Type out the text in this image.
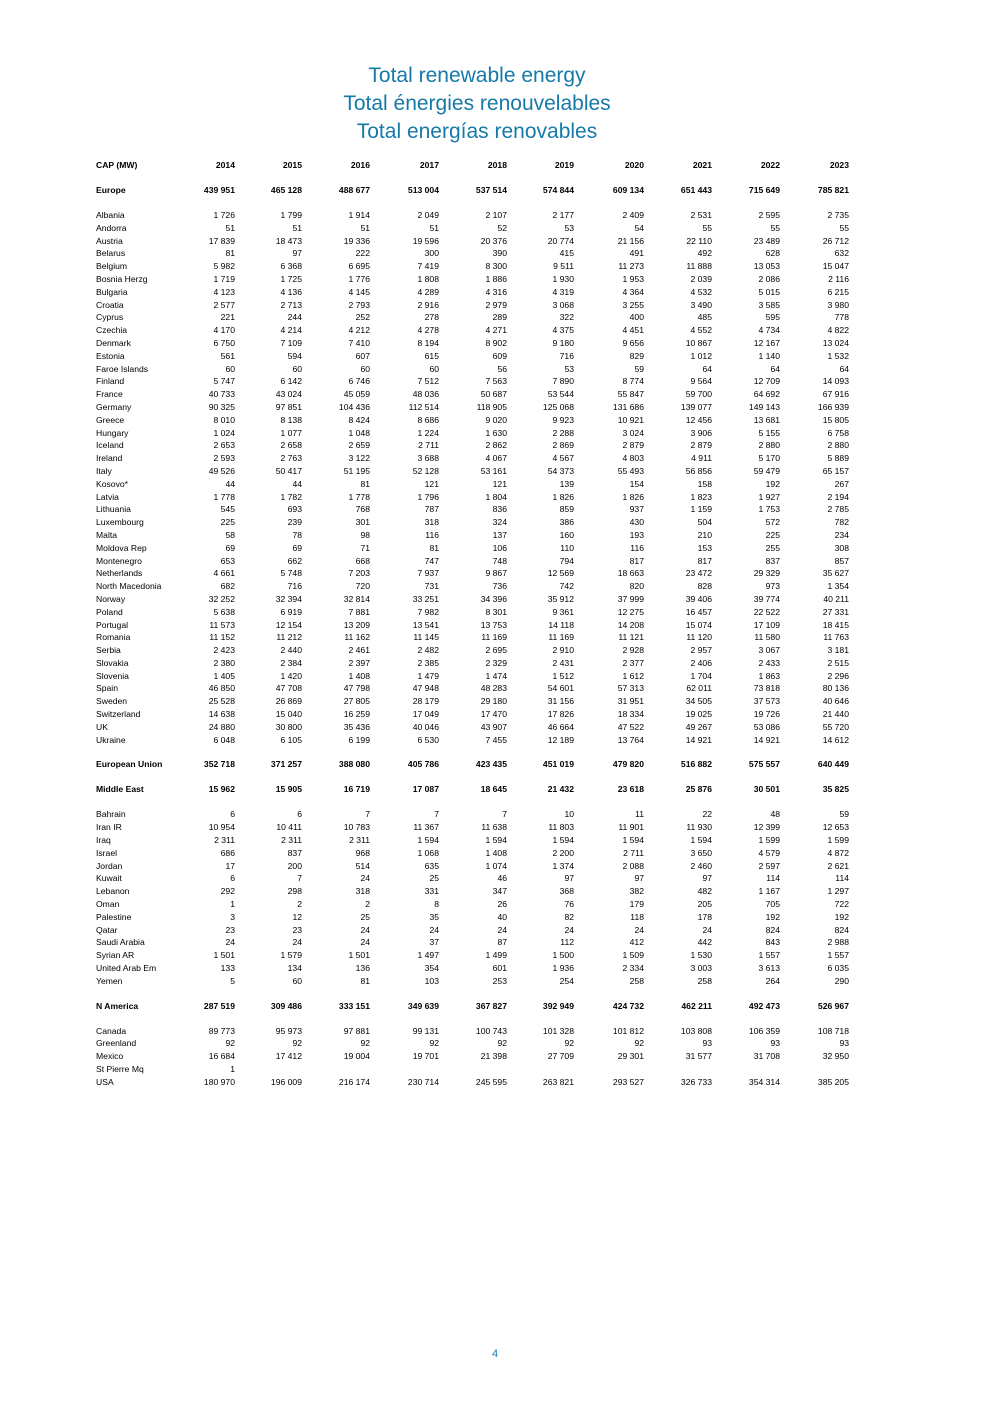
Total renewable energy
Total énergies renouvelables
Total energías renovables
CAP (MW)	2014	2015	2016	2017	2018	2019	2020	2021	2022	2023

Europe	439 951	465 128	488 677	513 004	537 514	574 844	609 134	651 443	715 649	785 821

Albania	1 726	1 799	1 914	2 049	2 107	2 177	2 409	2 531	2 595	2 735
Andorra	51	51	51	51	52	53	54	55	55	55
Austria	17 839	18 473	19 336	19 596	20 376	20 774	21 156	22 110	23 489	26 712
Belarus	81	97	222	300	390	415	491	492	628	632
Belgium	5 982	6 368	6 695	7 419	8 300	9 511	11 273	11 888	13 053	15 047
Bosnia Herzg	1 719	1 725	1 776	1 808	1 886	1 930	1 953	2 039	2 086	2 116
Bulgaria	4 123	4 136	4 145	4 289	4 316	4 319	4 364	4 532	5 015	6 215
Croatia	2 577	2 713	2 793	2 916	2 979	3 068	3 255	3 490	3 585	3 980
Cyprus	221	244	252	278	289	322	400	485	595	778
Czechia	4 170	4 214	4 212	4 278	4 271	4 375	4 451	4 552	4 734	4 822
Denmark	6 750	7 109	7 410	8 194	8 902	9 180	9 656	10 867	12 167	13 024
Estonia	561	594	607	615	609	716	829	1 012	1 140	1 532
Faroe Islands	60	60	60	60	56	53	59	64	64	64
Finland	5 747	6 142	6 746	7 512	7 563	7 890	8 774	9 564	12 709	14 093
France	40 733	43 024	45 059	48 036	50 687	53 544	55 847	59 700	64 692	67 916
Germany	90 325	97 851	104 436	112 514	118 905	125 068	131 686	139 077	149 143	166 939
Greece	8 010	8 138	8 424	8 686	9 020	9 923	10 921	12 456	13 681	15 805
Hungary	1 024	1 077	1 048	1 224	1 630	2 288	3 024	3 906	5 155	6 758
Iceland	2 653	2 658	2 659	2 711	2 862	2 869	2 879	2 879	2 880	2 880
Ireland	2 593	2 763	3 122	3 688	4 067	4 567	4 803	4 911	5 170	5 889
Italy	49 526	50 417	51 195	52 128	53 161	54 373	55 493	56 856	59 479	65 157
Kosovo*	44	44	81	121	121	139	154	158	192	267
Latvia	1 778	1 782	1 778	1 796	1 804	1 826	1 826	1 823	1 927	2 194
Lithuania	545	693	768	787	836	859	937	1 159	1 753	2 785
Luxembourg	225	239	301	318	324	386	430	504	572	782
Malta	58	78	98	116	137	160	193	210	225	234
Moldova Rep	69	69	71	81	106	110	116	153	255	308
Montenegro	653	662	668	747	748	794	817	817	837	857
Netherlands	4 661	5 748	7 203	7 937	9 867	12 569	18 663	23 472	29 329	35 627
North Macedonia	682	716	720	731	736	742	820	828	973	1 354
Norway	32 252	32 394	32 814	33 251	34 396	35 912	37 999	39 406	39 774	40 211
Poland	5 638	6 919	7 881	7 982	8 301	9 361	12 275	16 457	22 522	27 331
Portugal	11 573	12 154	13 209	13 541	13 753	14 118	14 208	15 074	17 109	18 415
Romania	11 152	11 212	11 162	11 145	11 169	11 169	11 121	11 120	11 580	11 763
Serbia	2 423	2 440	2 461	2 482	2 695	2 910	2 928	2 957	3 067	3 181
Slovakia	2 380	2 384	2 397	2 385	2 329	2 431	2 377	2 406	2 433	2 515
Slovenia	1 405	1 420	1 408	1 479	1 474	1 512	1 612	1 704	1 863	2 296
Spain	46 850	47 708	47 798	47 948	48 283	54 601	57 313	62 011	73 818	80 136
Sweden	25 528	26 869	27 805	28 179	29 180	31 156	31 951	34 505	37 573	40 646
Switzerland	14 638	15 040	16 259	17 049	17 470	17 826	18 334	19 025	19 726	21 440
UK	24 880	30 800	35 436	40 046	43 907	46 664	47 522	49 267	53 086	55 720
Ukraine	6 048	6 105	6 199	6 530	7 455	12 189	13 764	14 921	14 921	14 612

European Union	352 718	371 257	388 080	405 786	423 435	451 019	479 820	516 882	575 557	640 449

Middle East	15 962	15 905	16 719	17 087	18 645	21 432	23 618	25 876	30 501	35 825

Bahrain	6	6	7	7	7	10	11	22	48	59
Iran IR	10 954	10 411	10 783	11 367	11 638	11 803	11 901	11 930	12 399	12 653
Iraq	2 311	2 311	2 311	1 594	1 594	1 594	1 594	1 594	1 599	1 599
Israel	686	837	968	1 068	1 408	2 200	2 711	3 650	4 579	4 872
Jordan	17	200	514	635	1 074	1 374	2 088	2 460	2 597	2 621
Kuwait	6	7	24	25	46	97	97	97	114	114
Lebanon	292	298	318	331	347	368	382	482	1 167	1 297
Oman	1	2	2	8	26	76	179	205	705	722
Palestine	3	12	25	35	40	82	118	178	192	192
Qatar	23	23	24	24	24	24	24	24	824	824
Saudi Arabia	24	24	24	37	87	112	412	442	843	2 988
Syrian AR	1 501	1 579	1 501	1 497	1 499	1 500	1 509	1 530	1 557	1 557
United Arab Em	133	134	136	354	601	1 936	2 334	3 003	3 613	6 035
Yemen	5	60	81	103	253	254	258	258	264	290

N America	287 519	309 486	333 151	349 639	367 827	392 949	424 732	462 211	492 473	526 967

Canada	89 773	95 973	97 881	99 131	100 743	101 328	101 812	103 808	106 359	108 718
Greenland	92	92	92	92	92	92	92	93	93	93
Mexico	16 684	17 412	19 004	19 701	21 398	27 709	29 301	31 577	31 708	32 950
St Pierre Mq	1									
USA	180 970	196 009	216 174	230 714	245 595	263 821	293 527	326 733	354 314	385 205
4
